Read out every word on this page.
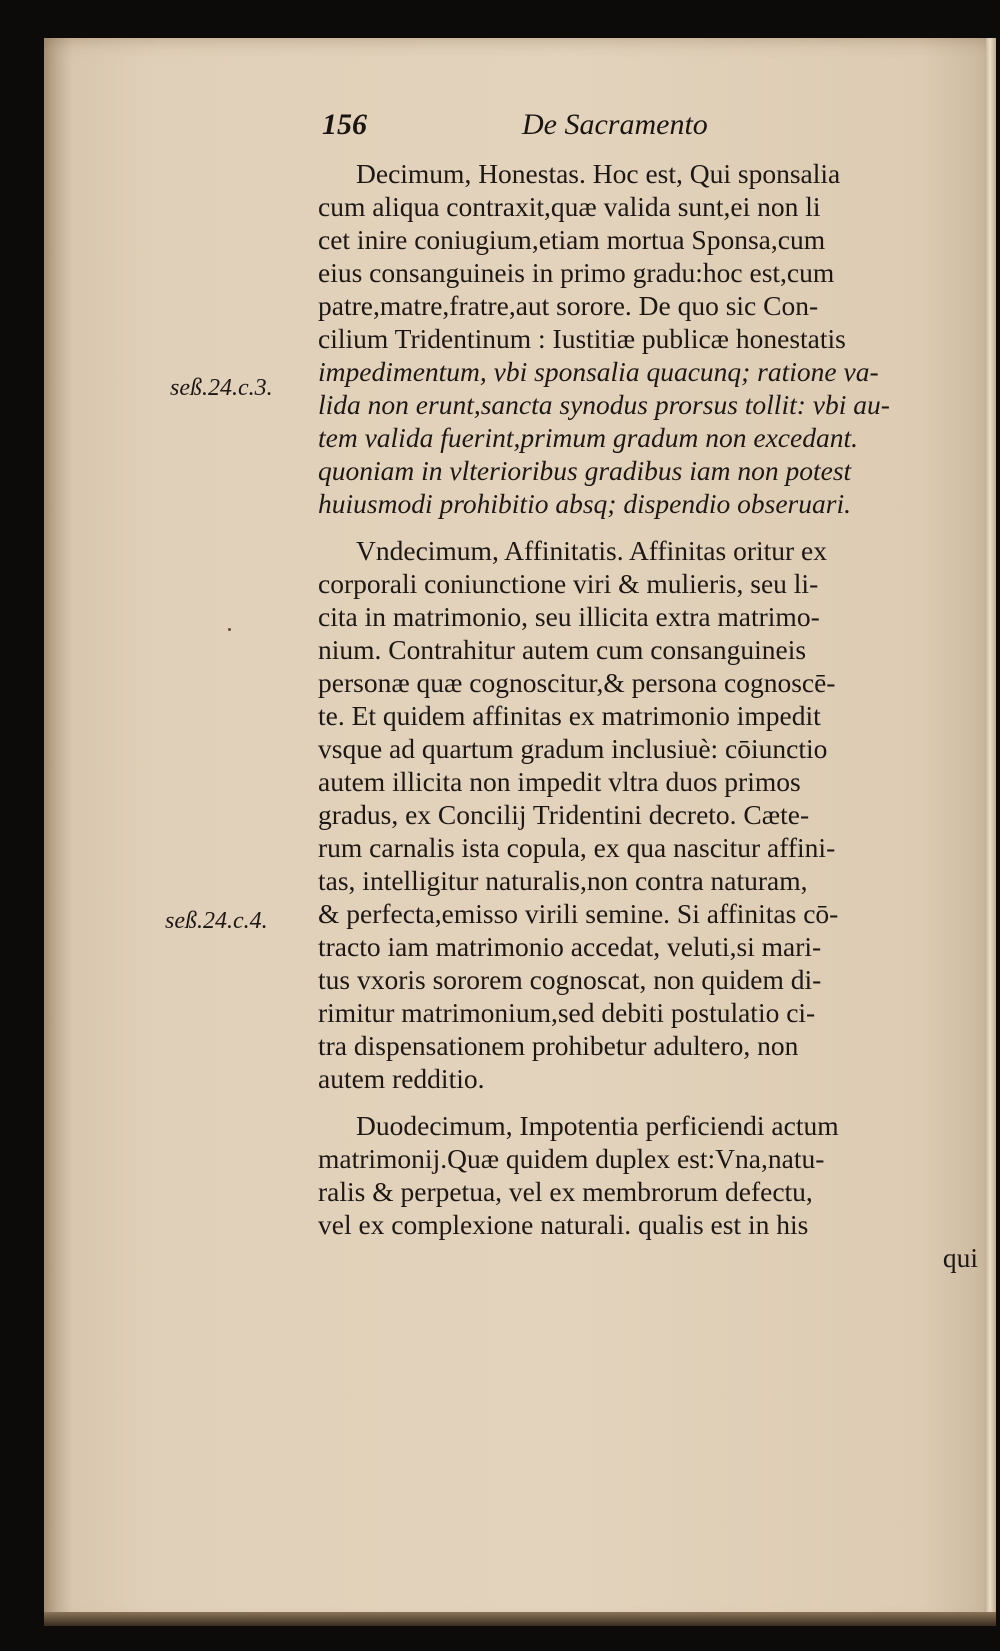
156	De Sacramento
seß.24.c.3.
seß.24.c.4.

Decimum, Honestas. Hoc est, Qui sponsalia
cum aliqua contraxit,quæ valida sunt,ei non li
cet inire coniugium,etiam mortua Sponsa,cum
eius consanguineis in primo gradu:hoc est,cum
patre,matre,fratre,aut sorore. De quo sic Con-
cilium Tridentinum : Iustitiæ publicæ honestatis
impedimentum, vbi sponsalia quacunq; ratione va-
lida non erunt,sancta synodus prorsus tollit: vbi au-
tem valida fuerint,primum gradum non excedant.
quoniam in vlterioribus gradibus iam non potest
huiusmodi prohibitio absq; dispendio obseruari.

Vndecimum, Affinitatis. Affinitas oritur ex
corporali coniunctione viri & mulieris, seu li-
cita in matrimonio, seu illicita extra matrimo-
nium. Contrahitur autem cum consanguineis
personæ quæ cognoscitur,& persona cognoscē-
te. Et quidem affinitas ex matrimonio impedit
vsque ad quartum gradum inclusiuè: cōiunctio
autem illicita non impedit vltra duos primos
gradus, ex Concilij Tridentini decreto. Cæte-
rum carnalis ista copula, ex qua nascitur affini-
tas, intelligitur naturalis,non contra naturam,
& perfecta,emisso virili semine. Si affinitas cō-
tracto iam matrimonio accedat, veluti,si mari-
tus vxoris sororem cognoscat, non quidem di-
rimitur matrimonium,sed debiti postulatio ci-
tra dispensationem prohibetur adultero, non
autem redditio.

Duodecimum, Impotentia perficiendi actum
matrimonij.Quæ quidem duplex est:Vna,natu-
ralis & perpetua, vel ex membrorum defectu,
vel ex complexione naturali. qualis est in his
qui
